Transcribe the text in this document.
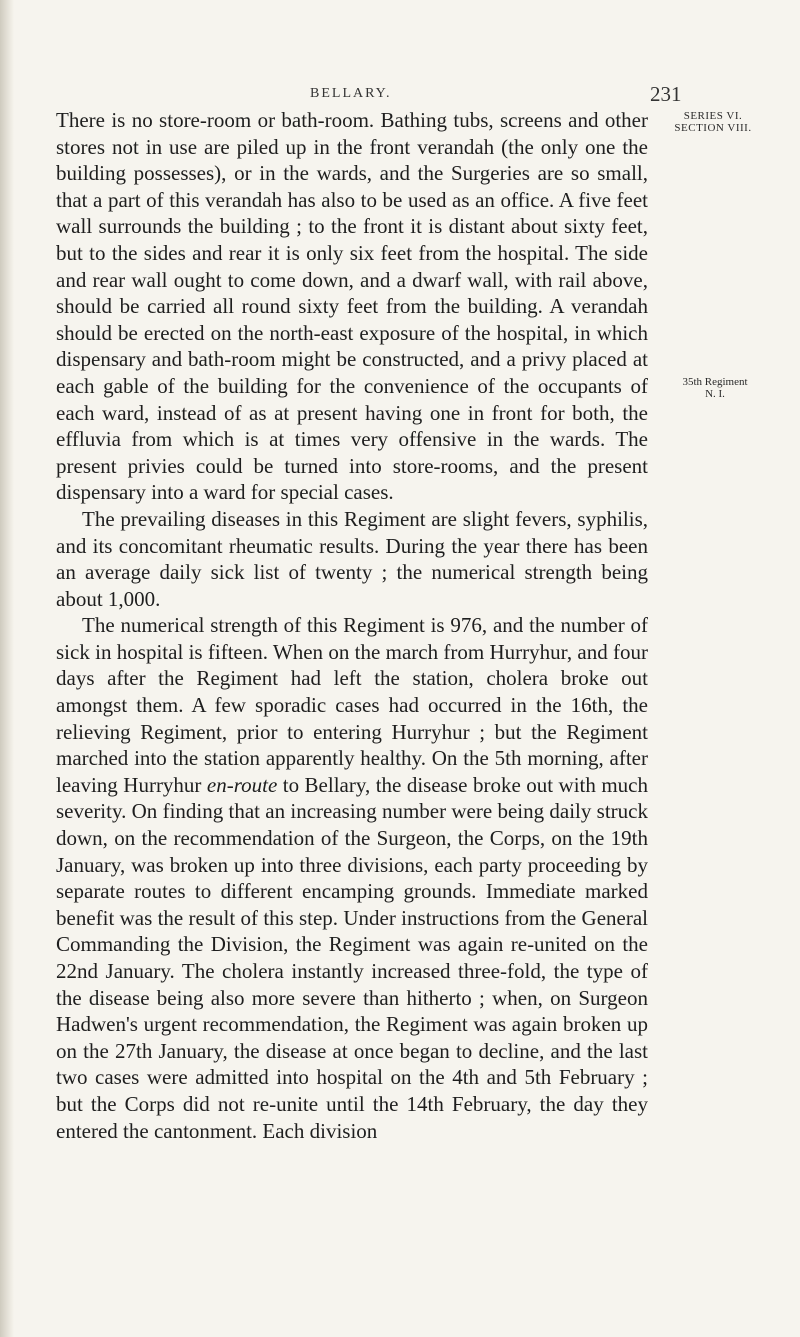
BELLARY.	231
SERIES VI.
SECTION VIII.
35th Regiment
N. I.

There is no store-room or bath-room. Bathing tubs, screens and other stores not in use are piled up in the front verandah (the only one the building possesses), or in the wards, and the Surgeries are so small, that a part of this verandah has also to be used as an office. A five feet wall surrounds the building ; to the front it is distant about sixty feet, but to the sides and rear it is only six feet from the hospital. The side and rear wall ought to come down, and a dwarf wall, with rail above, should be carried all round sixty feet from the building. A verandah should be erected on the north-east exposure of the hospital, in which dispensary and bath-room might be constructed, and a privy placed at each gable of the building for the convenience of the occupants of each ward, instead of as at present having one in front for both, the effluvia from which is at times very offensive in the wards. The present privies could be turned into store-rooms, and the present dispensary into a ward for special cases.

The prevailing diseases in this Regiment are slight fevers, syphilis, and its concomitant rheumatic results. During the year there has been an average daily sick list of twenty ; the numerical strength being about 1,000.

The numerical strength of this Regiment is 976, and the number of sick in hospital is fifteen. When on the march from Hurryhur, and four days after the Regiment had left the station, cholera broke out amongst them. A few sporadic cases had occurred in the 16th, the relieving Regiment, prior to entering Hurryhur ; but the Regiment marched into the station apparently healthy. On the 5th morning, after leaving Hurryhur en-route to Bellary, the disease broke out with much severity. On finding that an increasing number were being daily struck down, on the recommendation of the Surgeon, the Corps, on the 19th January, was broken up into three divisions, each party proceeding by separate routes to different encamping grounds. Immediate marked benefit was the result of this step. Under instructions from the General Commanding the Division, the Regiment was again re-united on the 22nd January. The cholera instantly increased three-fold, the type of the disease being also more severe than hitherto ; when, on Surgeon Hadwen's urgent recommendation, the Regiment was again broken up on the 27th January, the disease at once began to decline, and the last two cases were admitted into hospital on the 4th and 5th February ; but the Corps did not re-unite until the 14th February, the day they entered the cantonment. Each division
